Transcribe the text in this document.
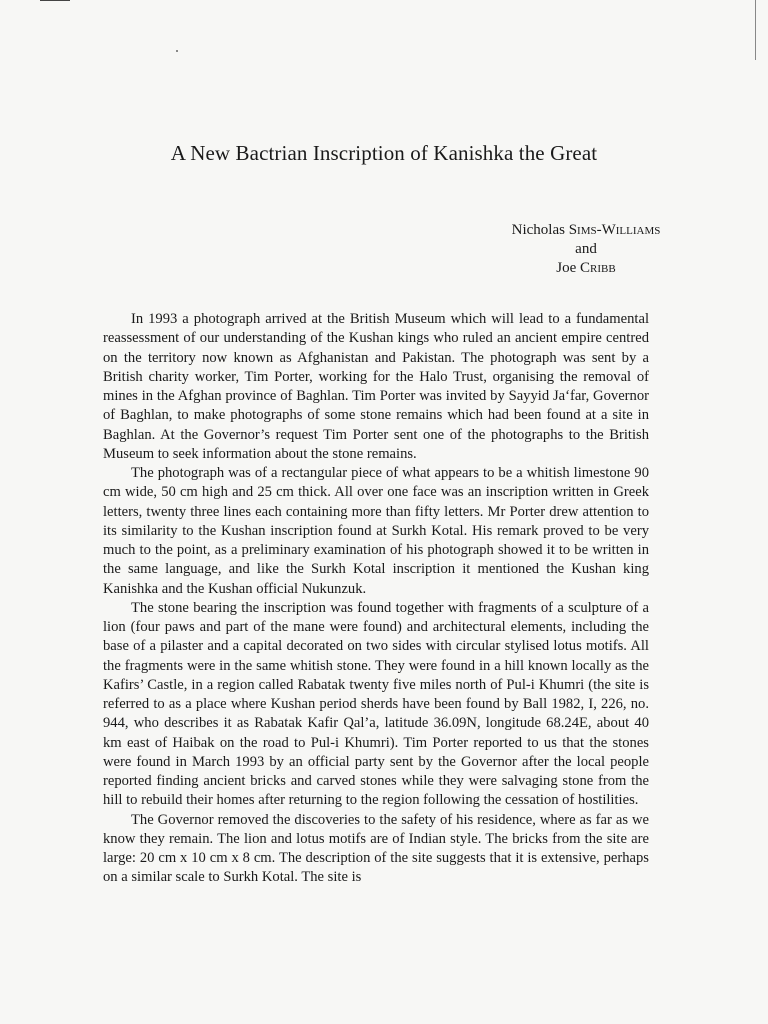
A New Bactrian Inscription of Kanishka the Great
Nicholas Sims-Williams
and
Joe Cribb

In 1993 a photograph arrived at the British Museum which will lead to a fundamental reassessment of our understanding of the Kushan kings who ruled an ancient empire centred on the territory now known as Afghanistan and Pakistan. The photograph was sent by a British charity worker, Tim Porter, working for the Halo Trust, organising the removal of mines in the Afghan province of Baghlan. Tim Porter was invited by Sayyid Ja‘far, Governor of Baghlan, to make photographs of some stone remains which had been found at a site in Baghlan. At the Governor’s request Tim Porter sent one of the photographs to the British Museum to seek information about the stone remains.

The photograph was of a rectangular piece of what appears to be a whitish limestone 90 cm wide, 50 cm high and 25 cm thick. All over one face was an inscription written in Greek letters, twenty three lines each containing more than fifty letters. Mr Porter drew attention to its similarity to the Kushan inscription found at Surkh Kotal. His remark proved to be very much to the point, as a preliminary examination of his photograph showed it to be written in the same language, and like the Surkh Kotal inscription it mentioned the Kushan king Kanishka and the Kushan official Nukunzuk.

The stone bearing the inscription was found together with fragments of a sculpture of a lion (four paws and part of the mane were found) and architectural elements, including the base of a pilaster and a capital decorated on two sides with circular stylised lotus motifs. All the fragments were in the same whitish stone. They were found in a hill known locally as the Kafirs’ Castle, in a region called Rabatak twenty five miles north of Pul-i Khumri (the site is referred to as a place where Kushan period sherds have been found by Ball 1982, I, 226, no. 944, who describes it as Rabatak Kafir Qal’a, latitude 36.09N, longitude 68.24E, about 40 km east of Haibak on the road to Pul-i Khumri). Tim Porter reported to us that the stones were found in March 1993 by an official party sent by the Governor after the local people reported finding ancient bricks and carved stones while they were salvaging stone from the hill to rebuild their homes after returning to the region following the cessation of hostilities.

The Governor removed the discoveries to the safety of his residence, where as far as we know they remain. The lion and lotus motifs are of Indian style. The bricks from the site are large: 20 cm x 10 cm x 8 cm. The description of the site suggests that it is extensive, perhaps on a similar scale to Surkh Kotal. The site is
